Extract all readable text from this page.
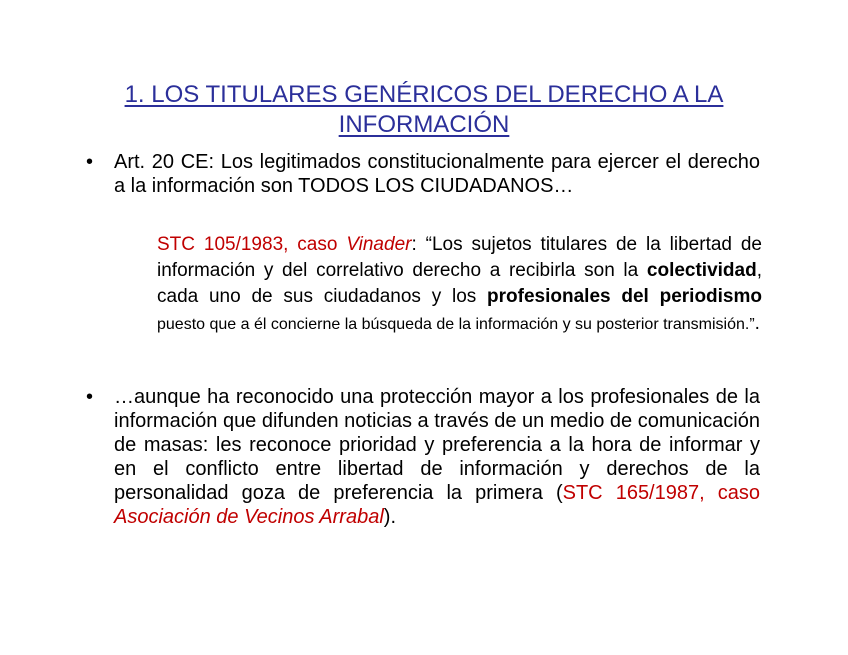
1. LOS TITULARES GENÉRICOS DEL DERECHO A LA INFORMACIÓN
•	Art. 20 CE: Los legitimados constitucionalmente para ejercer el derecho a la información son TODOS LOS CIUDADANOS…
STC 105/1983, caso Vinader: “Los sujetos titulares de la libertad de información y del correlativo derecho a recibirla son la colectividad, cada uno de sus ciudadanos y los profesionales del periodismo puesto que a él concierne la búsqueda de la información y su posterior transmisión.”.
•	…aunque ha reconocido una protección mayor a los profesionales de la información que difunden noticias a través de un medio de comunicación de masas: les reconoce prioridad y preferencia a la hora de informar y en el conflicto entre libertad de información y derechos de la personalidad goza de preferencia la primera (STC 165/1987, caso Asociación de Vecinos Arrabal).
